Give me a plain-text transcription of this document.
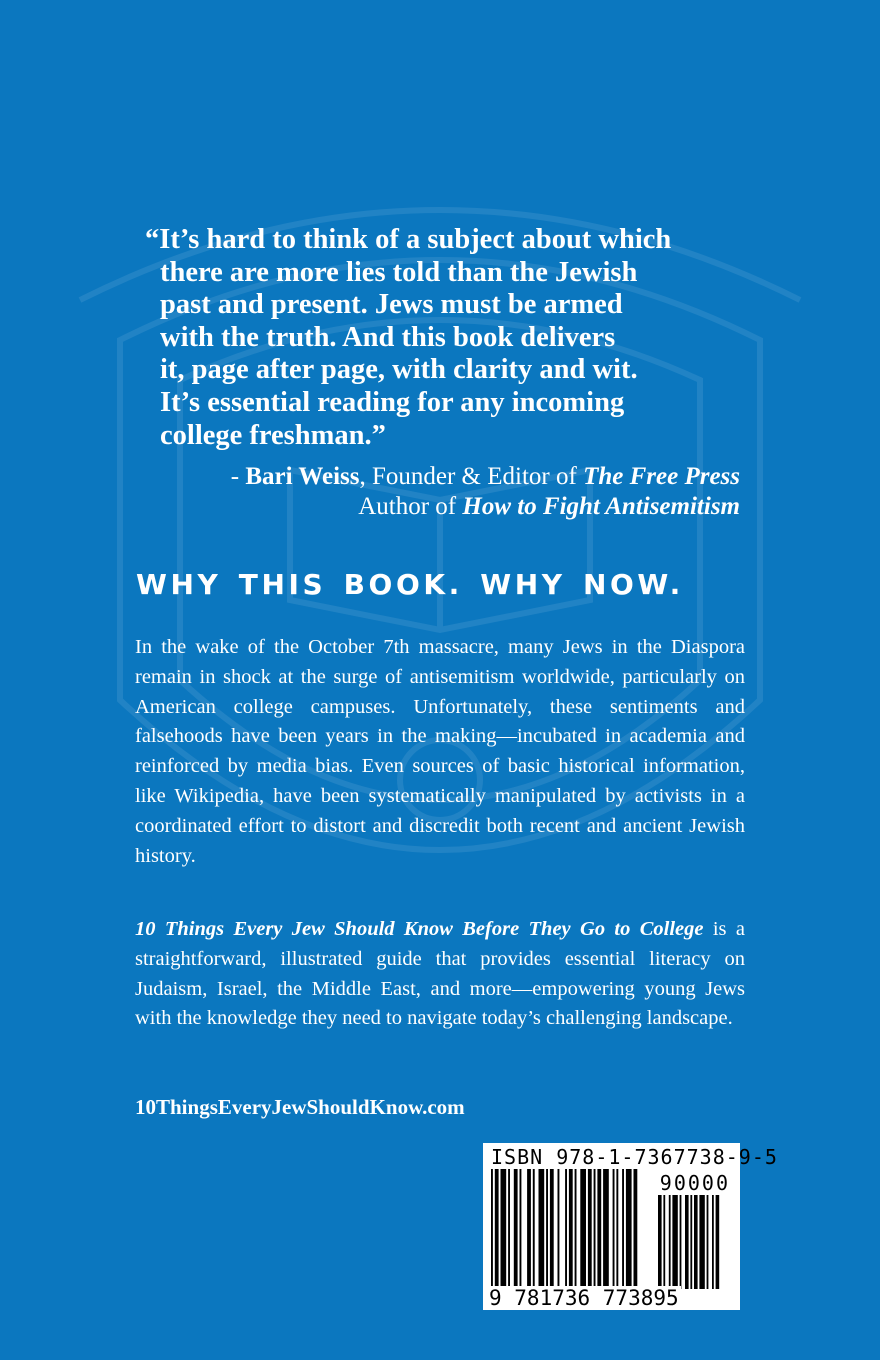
“It’s hard to think of a subject about which
there are more lies told than the Jewish
past and present. Jews must be armed
with the truth. And this book delivers
it, page after page, with clarity and wit.
It’s essential reading for any incoming
college freshman.”
- Bari Weiss, Founder & Editor of The Free Press
Author of How to Fight Antisemitism
WHY THIS BOOK. WHY NOW.
In the wake of the October 7th massacre, many Jews in the Diaspora remain in shock at the surge of antisemitism worldwide, particularly on American college campuses. Unfortunately, these sentiments and falsehoods have been years in the making—incubated in academia and reinforced by media bias. Even sources of basic historical information, like Wikipedia, have been systematically manipulated by activists in a coordinated effort to distort and discredit both recent and ancient Jewish history.
10 Things Every Jew Should Know Before They Go to College is a straightforward, illustrated guide that provides essential literacy on Judaism, Israel, the Middle East, and more—empowering young Jews with the knowledge they need to navigate today’s challenging landscape.
10ThingsEveryJewShouldKnow.com
ISBN 978-1-7367738-9-5
90000
9 781736 773895
